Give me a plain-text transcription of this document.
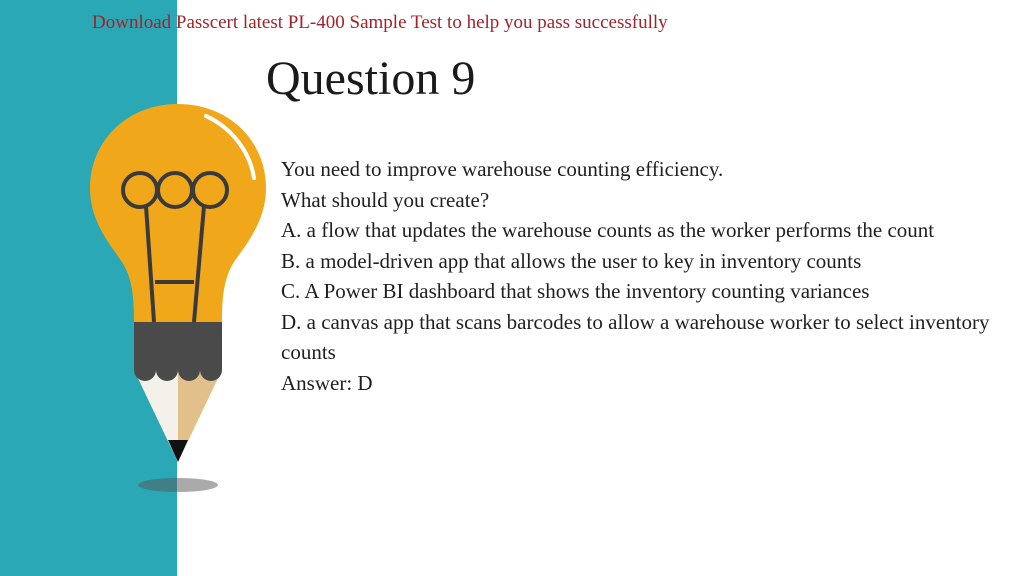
Download Passcert latest PL-400 Sample Test to help you pass successfully
Question 9
You need to improve warehouse counting efficiency.
What should you create?
A. a flow that updates the warehouse counts as the worker performs the count
B. a model-driven app that allows the user to key in inventory counts
C. A Power BI dashboard that shows the inventory counting variances
D. a canvas app that scans barcodes to allow a warehouse worker to select inventory counts
Answer: D
